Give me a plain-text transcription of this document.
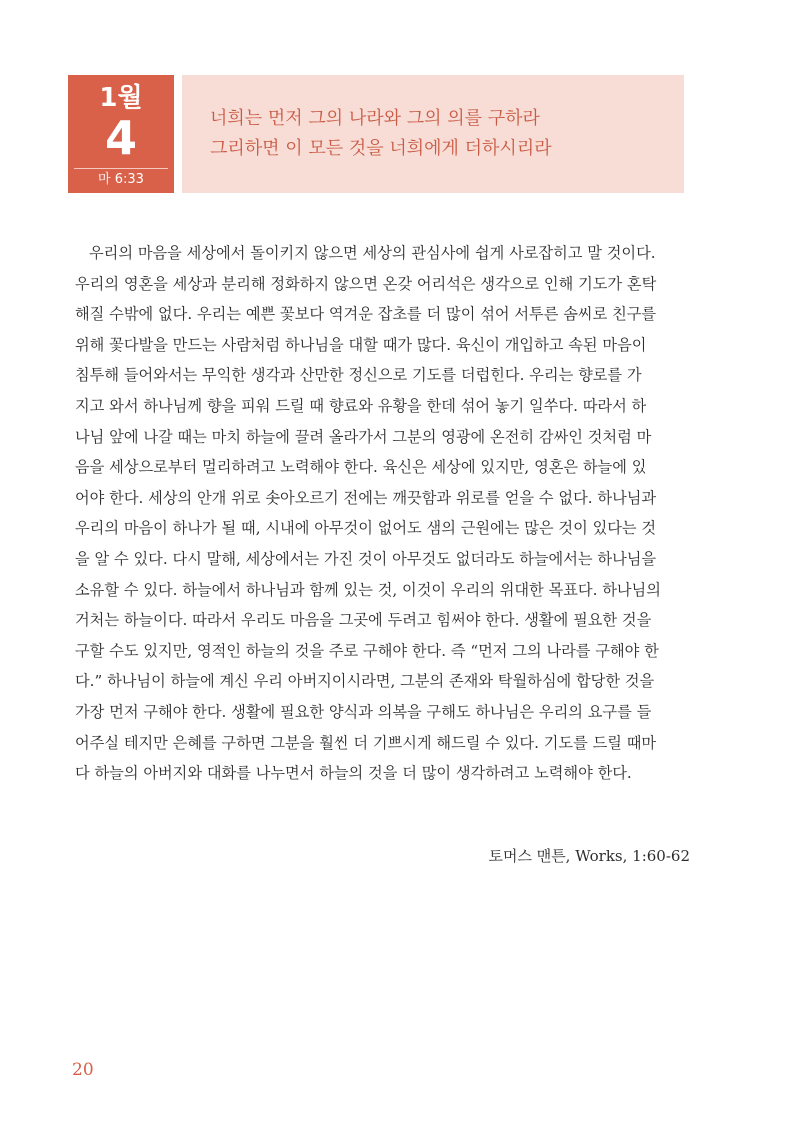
1월
4
마 6:33
너희는 먼저 그의 나라와 그의 의를 구하라
그리하면 이 모든 것을 너희에게 더하시리라

우리의 마음을 세상에서 돌이키지 않으면 세상의 관심사에 쉽게 사로잡히고 말 것이다.
우리의 영혼을 세상과 분리해 정화하지 않으면 온갖 어리석은 생각으로 인해 기도가 혼탁
해질 수밖에 없다. 우리는 예쁜 꽃보다 역겨운 잡초를 더 많이 섞어 서투른 솜씨로 친구를
위해 꽃다발을 만드는 사람처럼 하나님을 대할 때가 많다. 육신이 개입하고 속된 마음이
침투해 들어와서는 무익한 생각과 산만한 정신으로 기도를 더럽힌다. 우리는 향로를 가
지고 와서 하나님께 향을 피워 드릴 때 향료와 유황을 한데 섞어 놓기 일쑤다. 따라서 하
나님 앞에 나갈 때는 마치 하늘에 끌려 올라가서 그분의 영광에 온전히 감싸인 것처럼 마
음을 세상으로부터 멀리하려고 노력해야 한다. 육신은 세상에 있지만, 영혼은 하늘에 있
어야 한다. 세상의 안개 위로 솟아오르기 전에는 깨끗함과 위로를 얻을 수 없다. 하나님과
우리의 마음이 하나가 될 때, 시내에 아무것이 없어도 샘의 근원에는 많은 것이 있다는 것
을 알 수 있다. 다시 말해, 세상에서는 가진 것이 아무것도 없더라도 하늘에서는 하나님을
소유할 수 있다. 하늘에서 하나님과 함께 있는 것, 이것이 우리의 위대한 목표다. 하나님의
거처는 하늘이다. 따라서 우리도 마음을 그곳에 두려고 힘써야 한다. 생활에 필요한 것을
구할 수도 있지만, 영적인 하늘의 것을 주로 구해야 한다. 즉 “먼저 그의 나라를 구해야 한
다.” 하나님이 하늘에 계신 우리 아버지이시라면, 그분의 존재와 탁월하심에 합당한 것을
가장 먼저 구해야 한다. 생활에 필요한 양식과 의복을 구해도 하나님은 우리의 요구를 들
어주실 테지만 은혜를 구하면 그분을 훨씬 더 기쁘시게 해드릴 수 있다. 기도를 드릴 때마
다 하늘의 아버지와 대화를 나누면서 하늘의 것을 더 많이 생각하려고 노력해야 한다.

토머스 맨튼, Works, 1:60-62
20
